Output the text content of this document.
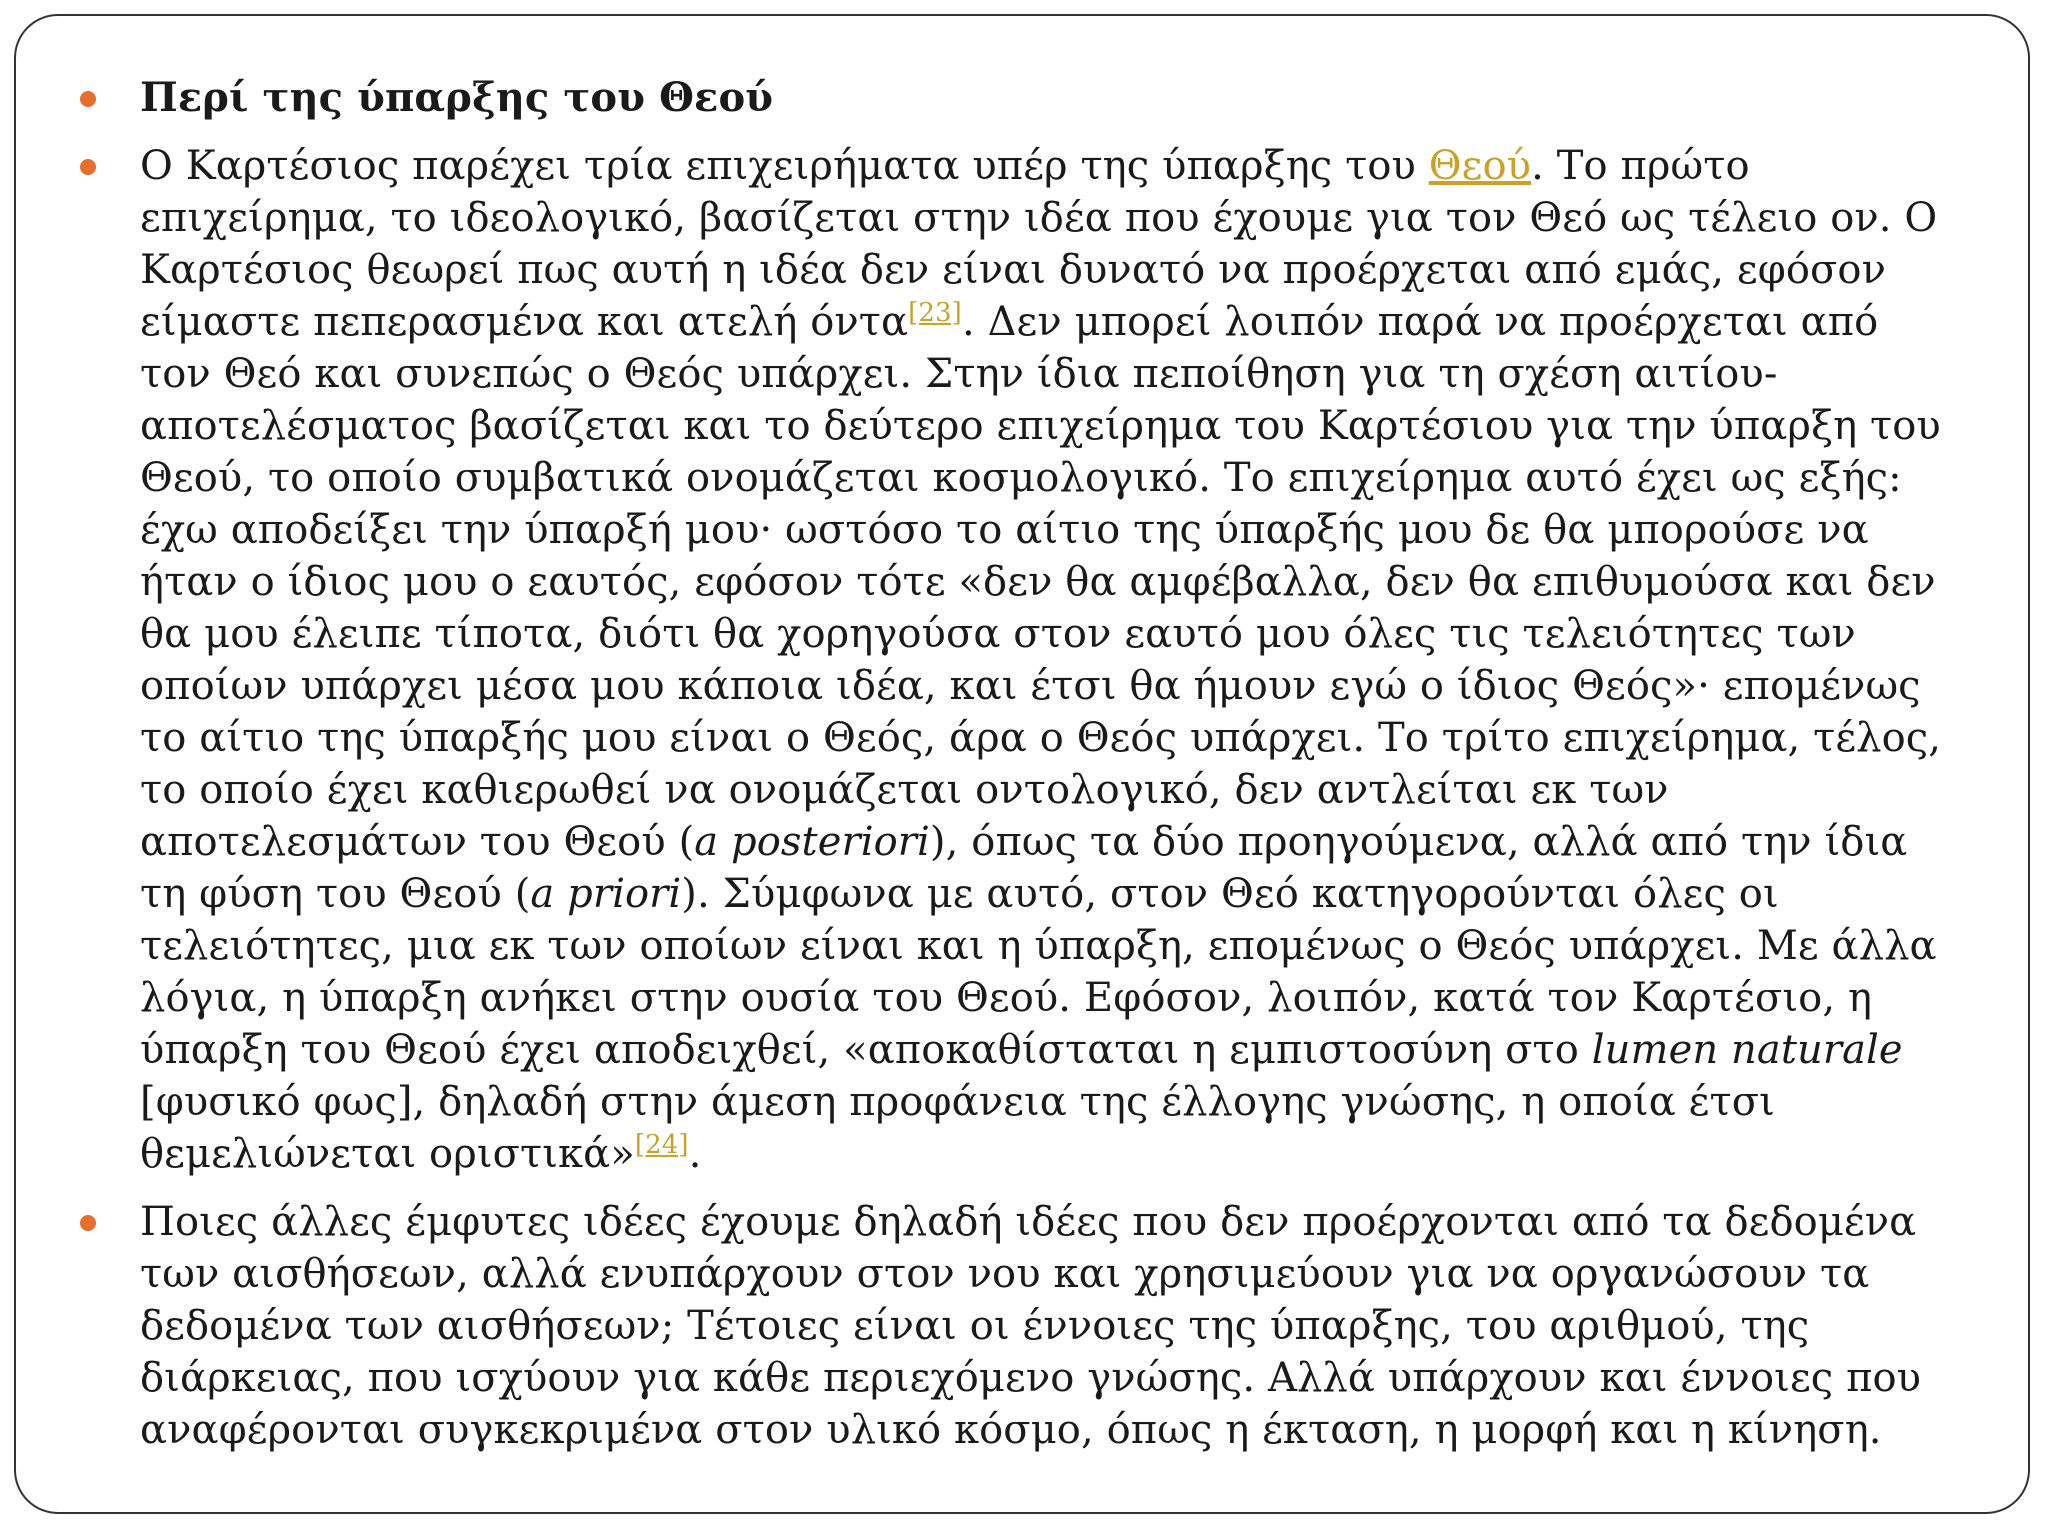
Περί της ύπαρξης του Θεού
Ο Καρτέσιος παρέχει τρία επιχειρήματα υπέρ της ύπαρξης του Θεού. Το πρώτο
επιχείρημα, το ιδεολογικό, βασίζεται στην ιδέα που έχουμε για τον Θεό ως τέλειο ον. Ο
Καρτέσιος θεωρεί πως αυτή η ιδέα δεν είναι δυνατό να προέρχεται από εμάς, εφόσον
είμαστε πεπερασμένα και ατελή όντα[23]. Δεν μπορεί λοιπόν παρά να προέρχεται από
τον Θεό και συνεπώς ο Θεός υπάρχει. Στην ίδια πεποίθηση για τη σχέση αιτίου-
αποτελέσματος βασίζεται και το δεύτερο επιχείρημα του Καρτέσιου για την ύπαρξη του
Θεού, το οποίο συμβατικά ονομάζεται κοσμολογικό. Το επιχείρημα αυτό έχει ως εξής:
έχω αποδείξει την ύπαρξή μου· ωστόσο το αίτιο της ύπαρξής μου δε θα μπορούσε να
ήταν ο ίδιος μου ο εαυτός, εφόσον τότε «δεν θα αμφέβαλλα, δεν θα επιθυμούσα και δεν
θα μου έλειπε τίποτα, διότι θα χορηγούσα στον εαυτό μου όλες τις τελειότητες των
οποίων υπάρχει μέσα μου κάποια ιδέα, και έτσι θα ήμουν εγώ ο ίδιος Θεός»· επομένως
το αίτιο της ύπαρξής μου είναι ο Θεός, άρα ο Θεός υπάρχει. Το τρίτο επιχείρημα, τέλος,
το οποίο έχει καθιερωθεί να ονομάζεται οντολογικό, δεν αντλείται εκ των
αποτελεσμάτων του Θεού (a posteriori), όπως τα δύο προηγούμενα, αλλά από την ίδια
τη φύση του Θεού (a priori). Σύμφωνα με αυτό, στον Θεό κατηγορούνται όλες οι
τελειότητες, μια εκ των οποίων είναι και η ύπαρξη, επομένως ο Θεός υπάρχει. Με άλλα
λόγια, η ύπαρξη ανήκει στην ουσία του Θεού. Εφόσον, λοιπόν, κατά τον Καρτέσιο, η
ύπαρξη του Θεού έχει αποδειχθεί, «αποκαθίσταται η εμπιστοσύνη στο lumen naturale
[φυσικό φως], δηλαδή στην άμεση προφάνεια της έλλογης γνώσης, η οποία έτσι
θεμελιώνεται οριστικά»[24].
Ποιες άλλες έμφυτες ιδέες έχουμε δηλαδή ιδέες που δεν προέρχονται από τα δεδομένα
των αισθήσεων, αλλά ενυπάρχουν στον νου και χρησιμεύουν για να οργανώσουν τα
δεδομένα των αισθήσεων; Τέτοιες είναι οι έννοιες της ύπαρξης, του αριθμού, της
διάρκειας, που ισχύουν για κάθε περιεχόμενο γνώσης. Αλλά υπάρχουν και έννοιες που
αναφέρονται συγκεκριμένα στον υλικό κόσμο, όπως η έκταση, η μορφή και η κίνηση.
